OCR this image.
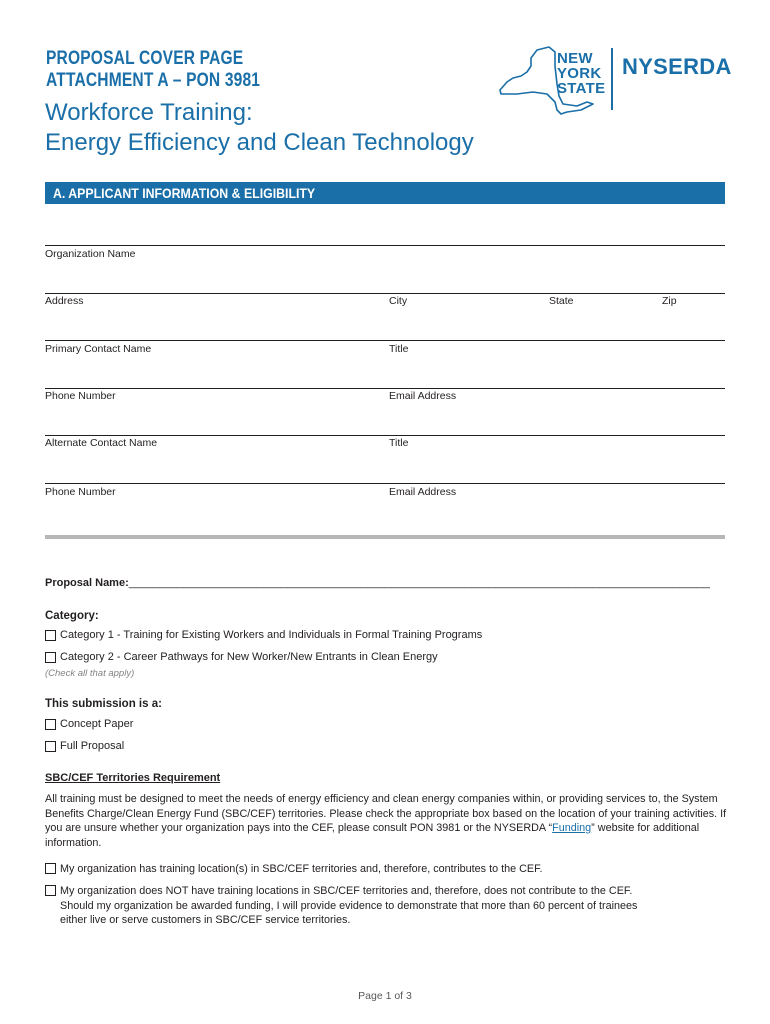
PROPOSAL COVER PAGE
ATTACHMENT A – PON 3981
Workforce Training:
Energy Efficiency and Clean Technology
NEW
YORK
STATE
NYSERDA
A. APPLICANT INFORMATION & ELIGIBILITY
Organization Name
Address	City	State	Zip
Primary Contact Name	Title
Phone Number	Email Address
Alternate Contact Name	Title
Phone Number	Email Address
Proposal Name:_______________________________________________________________________________________________
Category:
Category 1 - Training for Existing Workers and Individuals in Formal Training Programs
Category 2 - Career Pathways for New Worker/New Entrants in Clean Energy
(Check all that apply)
This submission is a:
Concept Paper
Full Proposal
SBC/CEF Territories Requirement
All training must be designed to meet the needs of energy efficiency and clean energy companies within, or providing services to, the System Benefits Charge/Clean Energy Fund (SBC/CEF) territories. Please check the appropriate box based on the location of your training activities. If you are unsure whether your organization pays into the CEF, please consult PON 3981 or the NYSERDA “Funding” website for additional information.
My organization has training location(s) in SBC/CEF territories and, therefore, contributes to the CEF.
My organization does NOT have training locations in SBC/CEF territories and, therefore, does not contribute to the CEF.
Should my organization be awarded funding, I will provide evidence to demonstrate that more than 60 percent of trainees
either live or serve customers in SBC/CEF service territories.
Page 1 of 3
